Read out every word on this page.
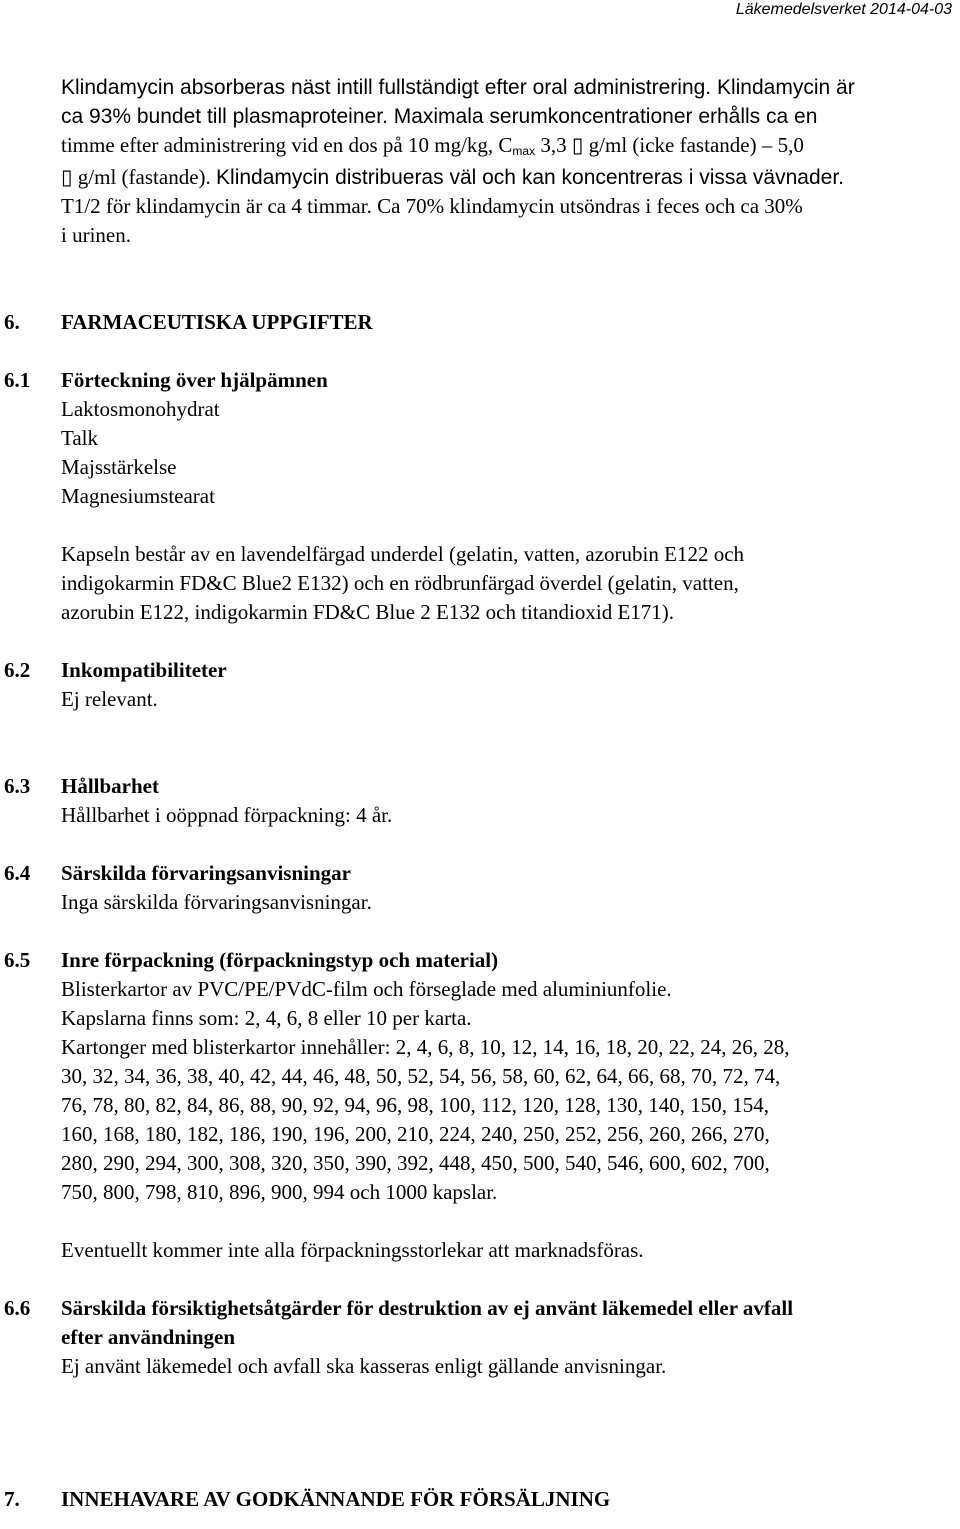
Läkemedelsverket 2014-04-03
Klindamycin absorberas näst intill fullständigt efter oral administrering. Klindamycin är
ca 93% bundet till plasmaproteiner. Maximala serumkoncentrationer erhålls ca en
timme efter administrering vid en dos på 10 mg/kg, $C_{max}$ 3,3 ▯ g/ml (icke fastande) – 5,0
▯ g/ml (fastande). Klindamycin distribueras väl och kan koncentreras i vissa vävnader.
T1/2 för klindamycin är ca 4 timmar. Ca 70% klindamycin utsöndras i feces och ca 30%
i urinen.
6.	FARMACEUTISKA UPPGIFTER
6.1	Förteckning över hjälpämnen
Laktosmonohydrat
Talk
Majsstärkelse
Magnesiumstearat
Kapseln består av en lavendelfärgad underdel (gelatin, vatten, azorubin E122 och
indigokarmin FD&C Blue2 E132) och en rödbrunfärgad överdel (gelatin, vatten,
azorubin E122, indigokarmin FD&C Blue 2 E132 och titandioxid E171).
6.2	Inkompatibiliteter
Ej relevant.
6.3	Hållbarhet
Hållbarhet i oöppnad förpackning: 4 år.
6.4	Särskilda förvaringsanvisningar
Inga särskilda förvaringsanvisningar.
6.5	Inre förpackning (förpackningstyp och material)
Blisterkartor av PVC/PE/PVdC-film och förseglade med aluminiunfolie.
Kapslarna finns som: 2, 4, 6, 8 eller 10 per karta.
Kartonger med blisterkartor innehåller: 2, 4, 6, 8, 10, 12, 14, 16, 18, 20, 22, 24, 26, 28,
30, 32, 34, 36, 38, 40, 42, 44, 46, 48, 50, 52, 54, 56, 58, 60, 62, 64, 66, 68, 70, 72, 74,
76, 78, 80, 82, 84, 86, 88, 90, 92, 94, 96, 98, 100, 112, 120, 128, 130, 140, 150, 154,
160, 168, 180, 182, 186, 190, 196, 200, 210, 224, 240, 250, 252, 256, 260, 266, 270,
280, 290, 294, 300, 308, 320, 350, 390, 392, 448, 450, 500, 540, 546, 600, 602, 700,
750, 800, 798, 810, 896, 900, 994 och 1000 kapslar.
Eventuellt kommer inte alla förpackningsstorlekar att marknadsföras.
6.6	Särskilda försiktighetsåtgärder för destruktion av ej använt läkemedel eller avfall
efter användningen
Ej använt läkemedel och avfall ska kasseras enligt gällande anvisningar.
7.	INNEHAVARE AV GODKÄNNANDE FÖR FÖRSÄLJNING
